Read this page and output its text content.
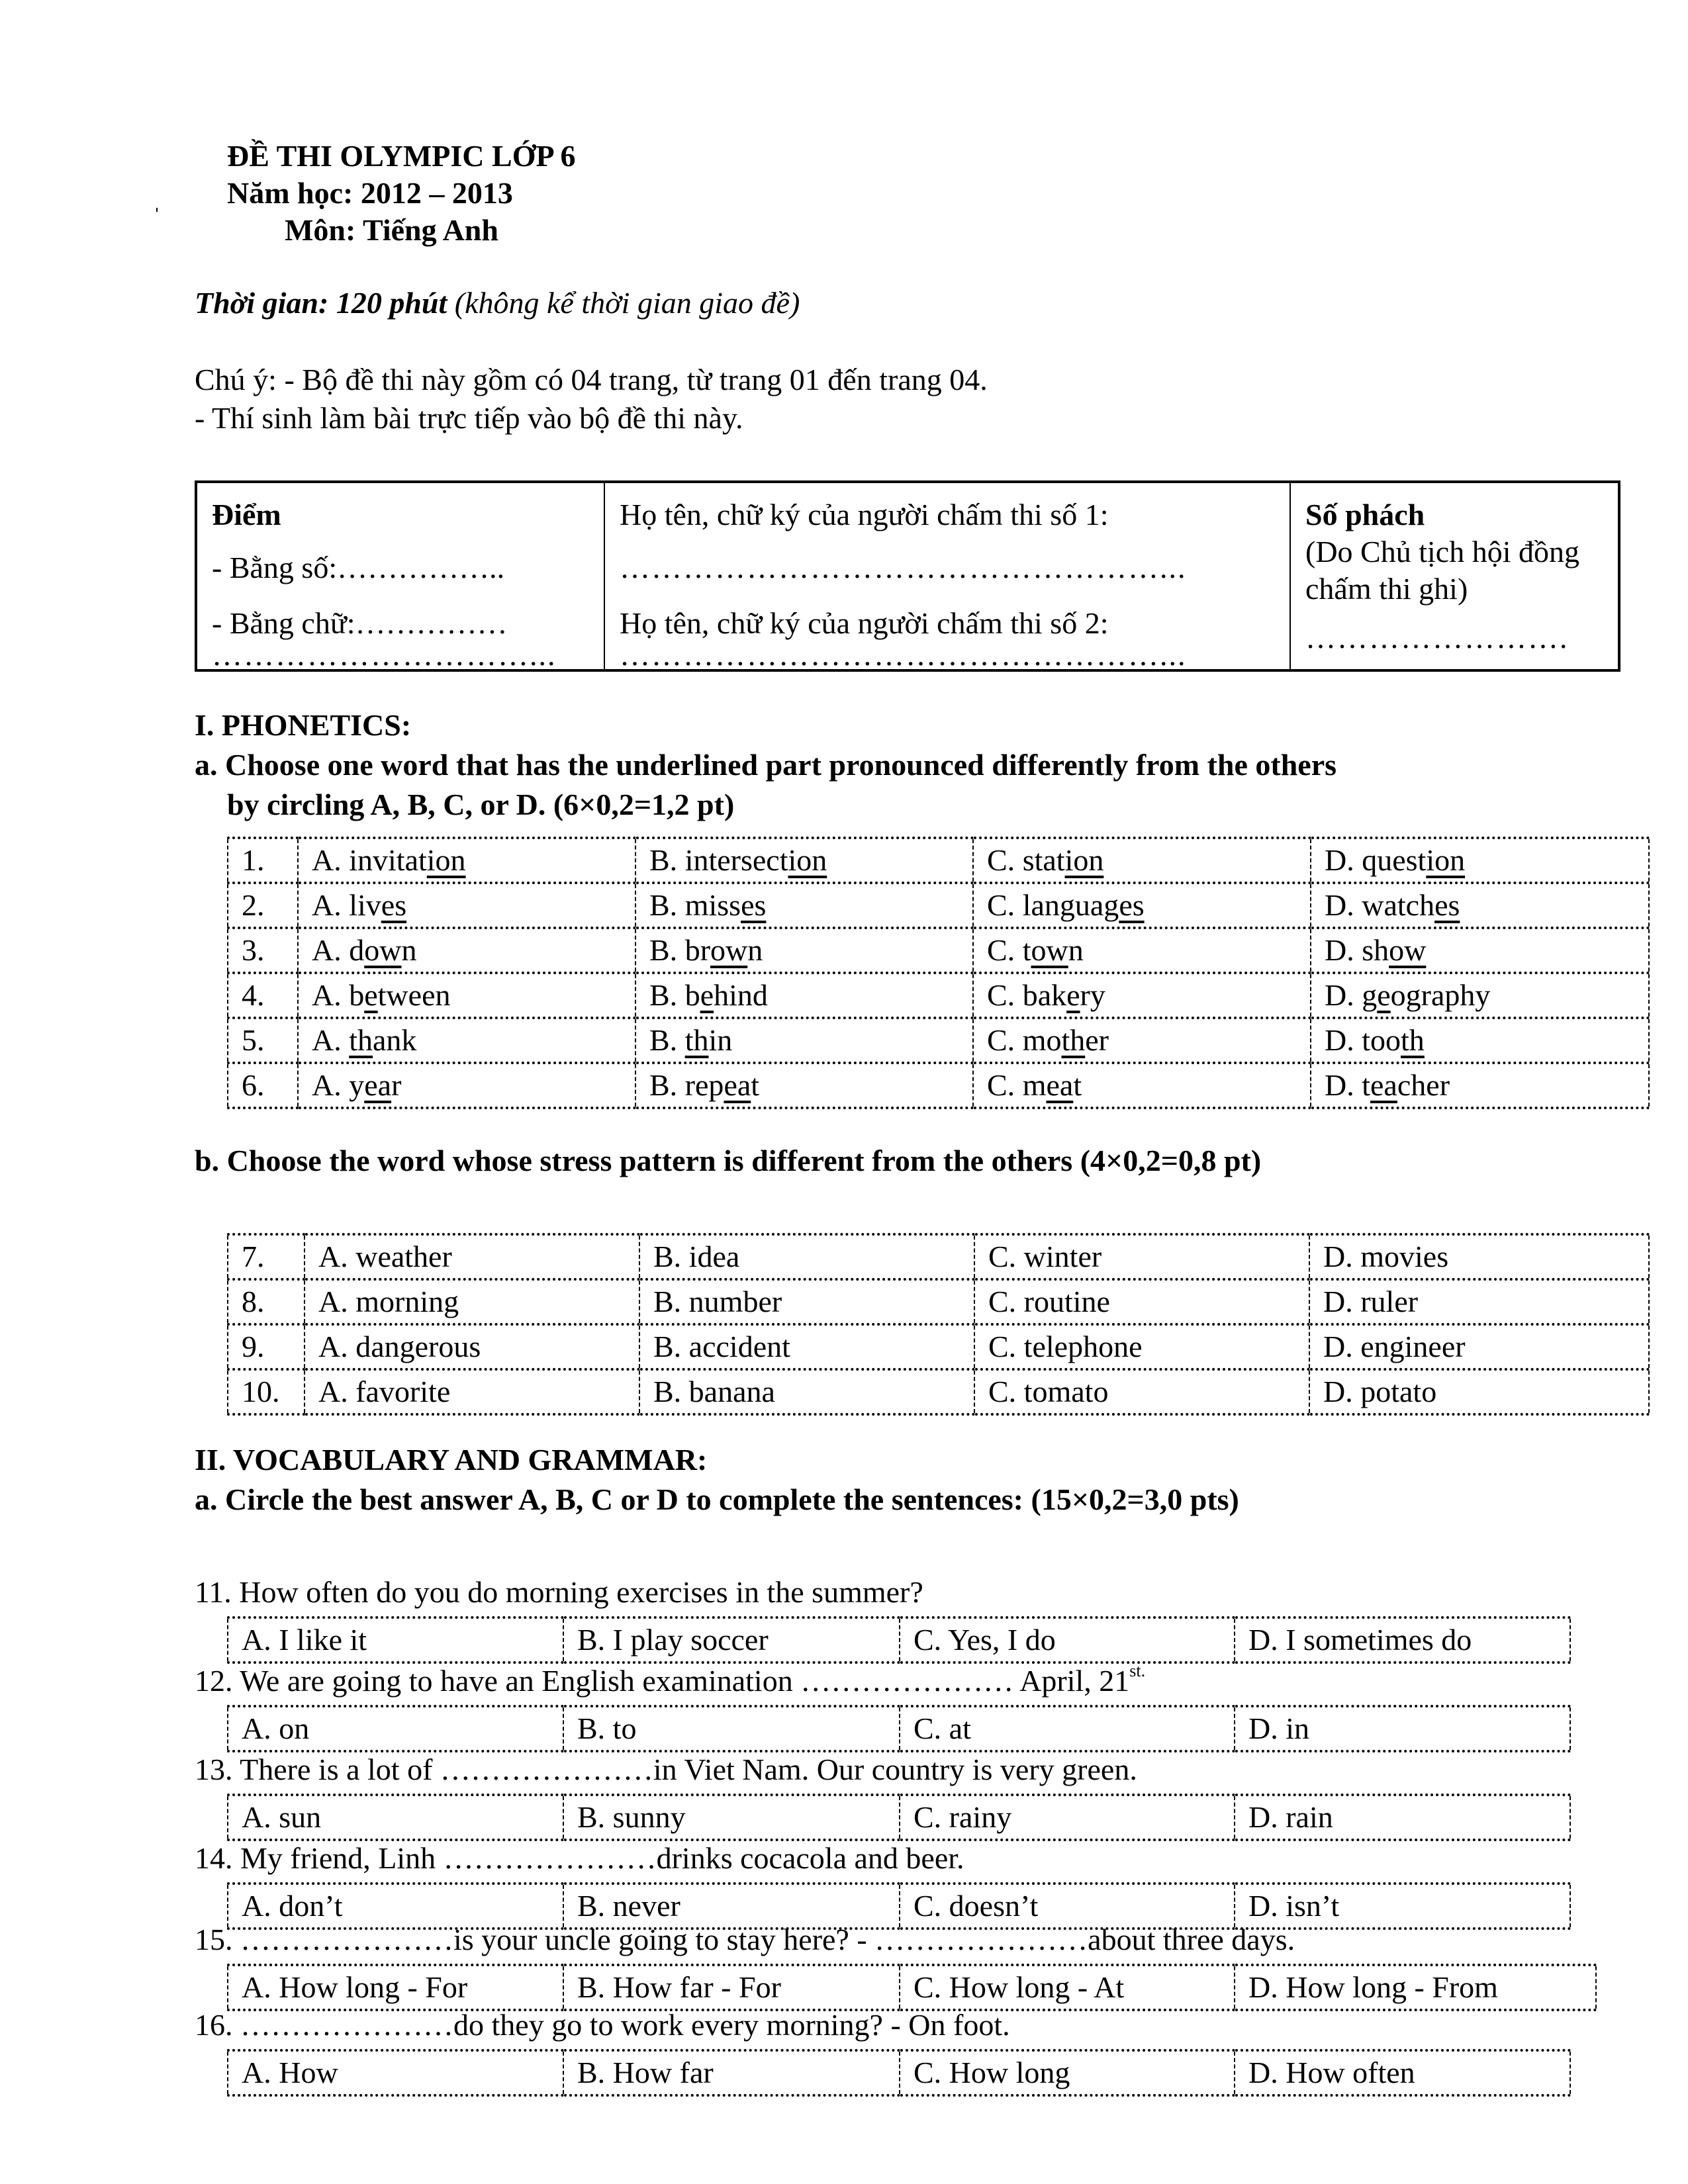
ĐỀ THI OLYMPIC LỚP 6
Năm học: 2012 – 2013
Môn: Tiếng Anh
Thời gian: 120 phút (không kể thời gian giao đề)
Chú ý: - Bộ đề thi này gồm có 04 trang, từ trang 01 đến trang 04.
- Thí sinh làm bài trực tiếp vào bộ đề thi này.
Điểm
- Bằng số:……………..
- Bằng chữ:……………
…………………………...
Họ tên, chữ ký của người chấm thi số 1:
……………………………………………...
Họ tên, chữ ký của người chấm thi số 2:
……………………………………………...
Số phách
(Do Chủ tịch hội đồng
chấm thi ghi)
…………………….
I. PHONETICS:
a. Choose one word that has the underlined part pronounced differently from the others
by circling A, B, C, or D. (6×0,2=1,2 pt)
1.	A. invitation	B. intersection	C. station	D. question
2.	A. lives	B. misses	C. languages	D. watches
3.	A. down	B. brown	C. town	D. show
4.	A. between	B. behind	C. bakery	D. geography
5.	A. thank	B. thin	C. mother	D. tooth
6.	A. year	B. repeat	C. meat	D. teacher
b. Choose the word whose stress pattern is different from the others (4×0,2=0,8 pt)
7.	A. weather	B. idea	C. winter	D. movies
8.	A. morning	B. number	C. routine	D. ruler
9.	A. dangerous	B. accident	C. telephone	D. engineer
10.	A. favorite	B. banana	C. tomato	D. potato
II. VOCABULARY AND GRAMMAR:
a. Circle the best answer A, B, C or D to complete the sentences: (15×0,2=3,0 pts)
11. How often do you do morning exercises in the summer?
A. I like it	B. I play soccer	C. Yes, I do	D. I sometimes do
12. We are going to have an English examination ………………… April, $21^{st.}$
A. on	B. to	C. at	D. in
13. There is a lot of …………………in Viet Nam. Our country is very green.
A. sun	B. sunny	C. rainy	D. rain
14. My friend, Linh …………………drinks cocacola and beer.
A. don’t	B. never	C. doesn’t	D. isn’t
15. …………………is your uncle going to stay here? - …………………about three days.
A. How long - For	B. How far - For	C. How long - At	D. How long - From
16. …………………do they go to work every morning? - On foot.
A. How	B. How far	C. How long	D. How often
